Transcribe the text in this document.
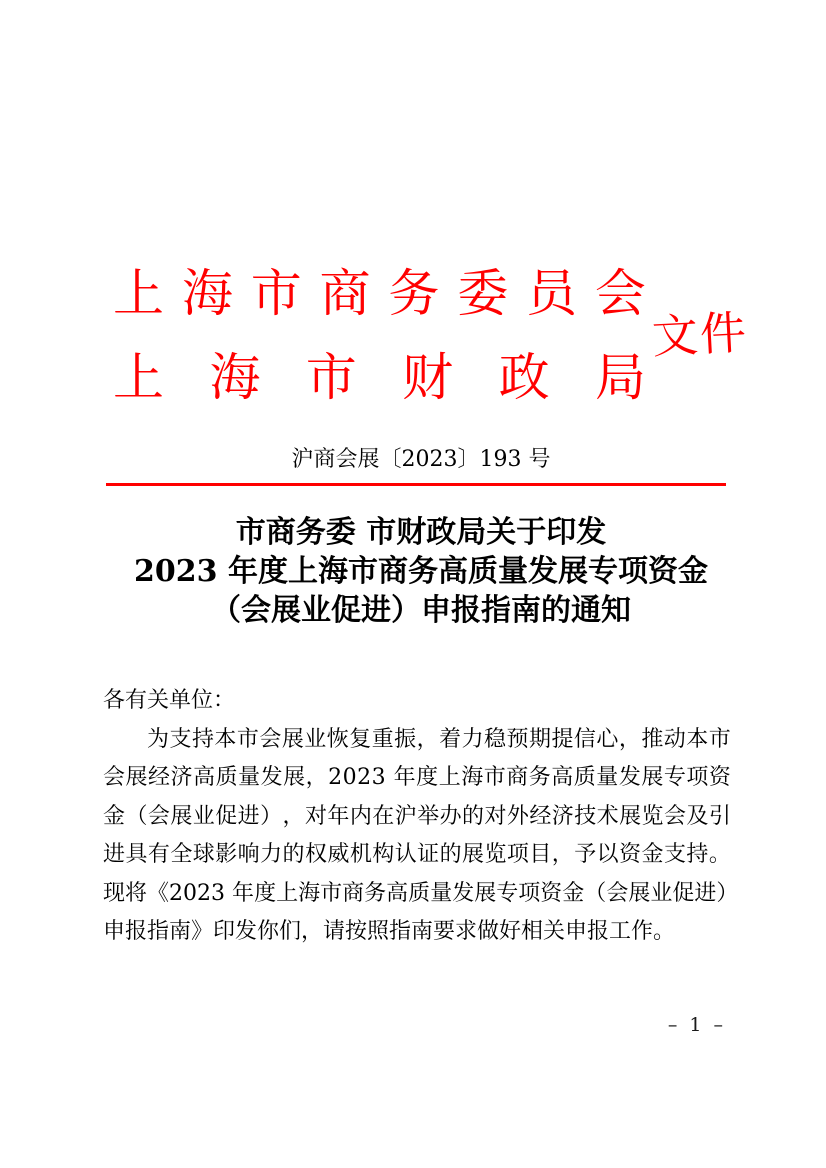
上 海 市 商 务 委 员 会
上 海 市 财 政 局
文件
沪商会展〔2023〕193 号
市商务委 市财政局关于印发
2023 年度上海市商务高质量发展专项资金
（会展业促进）申报指南的通知
各有关单位：
为 支 持 本 市 会 展 业 恢 复 重 振 ， 着 力 稳 预 期 提 信 心 ， 推 动 本 市
会 展 经 济 高 质 量 发 展 ， 2 0 2 3
年 度 上 海 市 商 务 高 质 量 发 展 专 项 资
金 （ 会 展 业 促 进 ） ， 对 年 内 在 沪 举 办 的 对 外 经 济 技 术 展 览 会 及 引
进 具 有 全 球 影 响 力 的 权 威 机 构 认 证 的 展 览 项 目 ， 予 以 资 金 支 持 。
现 将 《 2 0 2 3
年 度 上 海 市 商 务 高 质 量 发 展 专 项 资 金 （ 会 展 业 促 进 ）
申报指南》印发你们，请按照指南要求做好相关申报工作。
– 1 –
